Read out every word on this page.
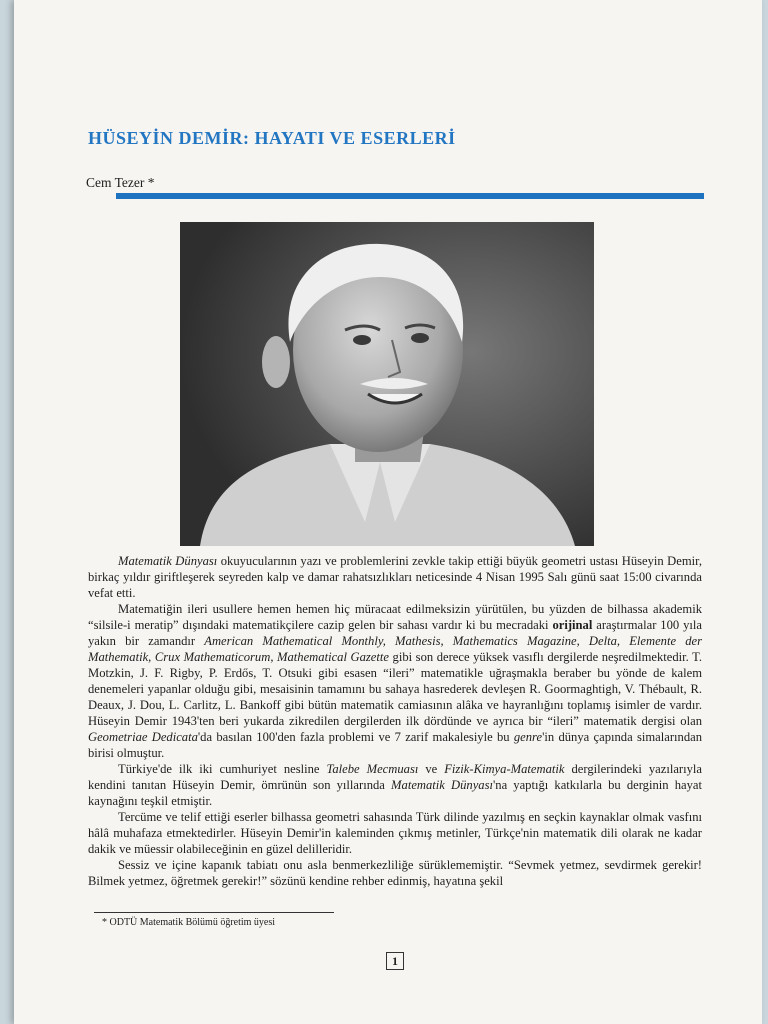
HÜSEYİN DEMİR: HAYATI VE ESERLERİ
Cem Tezer *

Matematik Dünyası okuyucularının yazı ve problemlerini zevkle takip ettiği büyük geometri ustası Hüseyin Demir, birkaç yıldır giriftleşerek seyreden kalp ve damar rahatsızlıkları neticesinde 4 Nisan 1995 Salı günü saat 15:00 civarında vefat etti.

Matematiğin ileri usullere hemen hemen hiç müracaat edilmeksizin yürütülen, bu yüzden de bilhassa akademik “silsile-i meratip” dışındaki matematikçilere cazip gelen bir sahası vardır ki bu mecradaki orijinal araştırmalar 100 yıla yakın bir zamandır American Mathematical Monthly, Mathesis, Mathematics Magazine, Delta, Elemente der Mathematik, Crux Mathematicorum, Mathematical Gazette gibi son derece yüksek vasıflı dergilerde neşredilmektedir. T. Motzkin, J. F. Rigby, P. Erdős, T. Otsuki gibi esasen “ileri” matematikle uğraşmakla beraber bu yönde de kalem denemeleri yapanlar olduğu gibi, mesaisinin tamamını bu sahaya hasrederek devleşen R. Goormaghtigh, V. Thébault, R. Deaux, J. Dou, L. Carlitz, L. Bankoff gibi bütün matematik camiasının alâka ve hayranlığını toplamış isimler de vardır. Hüseyin Demir 1943'ten beri yukarda zikredilen dergilerden ilk dördünde ve ayrıca bir “ileri” matematik dergisi olan Geometriae Dedicata'da basılan 100'den fazla problemi ve 7 zarif makalesiyle bu genre'in dünya çapında simalarından birisi olmuştur.

Türkiye'de ilk iki cumhuriyet nesline Talebe Mecmuası ve Fizik-Kimya-Matematik dergilerindeki yazılarıyla kendini tanıtan Hüseyin Demir, ömrünün son yıllarında Matematik Dünyası'na yaptığı katkılarla bu derginin hayat kaynağını teşkil etmiştir.

Tercüme ve telif ettiği eserler bilhassa geometri sahasında Türk dilinde yazılmış en seçkin kaynaklar olmak vasfını hâlâ muhafaza etmektedirler. Hüseyin Demir'in kaleminden çıkmış metinler, Türkçe'nin matematik dili olarak ne kadar dakik ve müessir olabileceğinin en güzel delilleridir.

Sessiz ve içine kapanık tabiatı onu asla benmerkezliliğe sürüklememiştir. “Sevmek yetmez, sevdirmek gerekir! Bilmek yetmez, öğretmek gerekir!” sözünü kendine rehber edinmiş, hayatına şekil

* ODTÜ Matematik Bölümü öğretim üyesi
1
